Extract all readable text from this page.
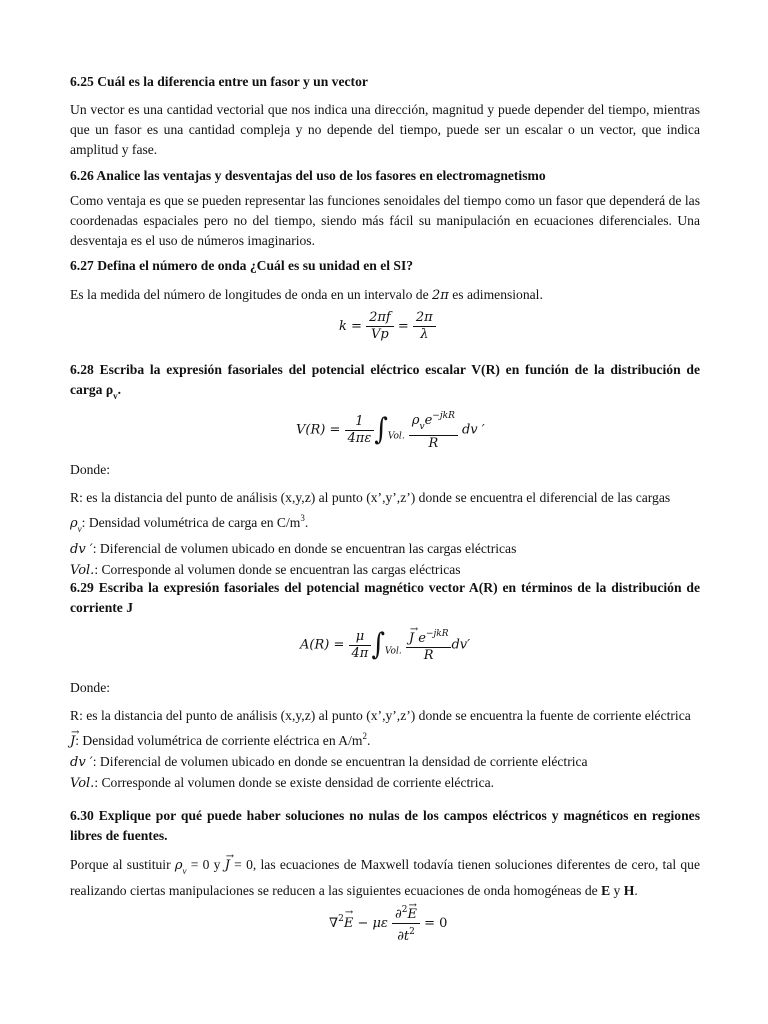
6.25 Cuál es la diferencia entre un fasor y un vector
Un vector es una cantidad vectorial que nos indica una dirección, magnitud y puede depender del tiempo, mientras que un fasor es una cantidad compleja y no depende del tiempo, puede ser un escalar o un vector, que indica amplitud y fase.
6.26 Analice las ventajas y desventajas del uso de los fasores en electromagnetismo
Como ventaja es que se pueden representar las funciones senoidales del tiempo como un fasor que dependerá de las coordenadas espaciales pero no del tiempo, siendo más fácil su manipulación en ecuaciones diferenciales. Una desventaja es el uso de números imaginarios.
6.27 Defina el número de onda ¿Cuál es su unidad en el SI?
Es la medida del número de longitudes de onda en un intervalo de 2π es adimensional.
$k = \frac{2\pi f}{Vp} = \frac{2\pi}{\lambda}$
6.28 Escriba la expresión fasoriales del potencial eléctrico escalar V(R) en función de la distribución de carga $\rho_v$.
$V(R) = \frac{1}{4\pi\varepsilon} \int_{Vol.} \frac{\rho_ve^{-jkR}}{R}$ dv ′
Donde:
R: es la distancia del punto de análisis (x,y,z) al punto (x’,y’,z’) donde se encuentra el diferencial de las cargas
$\rho_v$: Densidad volumétrica de carga en $C/m^3$.
dv ′: Diferencial de volumen ubicado en donde se encuentran las cargas eléctricas
Vol.: Corresponde al volumen donde se encuentran las cargas eléctricas
6.29 Escriba la expresión fasoriales del potencial magnético vector A(R) en términos de la distribución de corriente J
$A(R) = \frac{\mu}{4\pi} \int_{Vol.} \frac{J \to e^{-jkR}}{R} dv'$
Donde:
R: es la distancia del punto de análisis (x,y,z) al punto (x’,y’,z’) donde se encuentra la fuente de corriente eléctrica
J →: Densidad volumétrica de corriente eléctrica en $A/m^2$.
dv ′: Diferencial de volumen ubicado en donde se encuentran la densidad de corriente eléctrica
Vol.: Corresponde al volumen donde se existe densidad de corriente eléctrica.
6.30 Explique por qué puede haber soluciones no nulas de los campos eléctricos y magnéticos en regiones libres de fuentes.
Porque al sustituir $\rho_v = 0$ y J → = 0, las ecuaciones de Maxwell todavía tienen soluciones diferentes de cero, tal que realizando ciertas manipulaciones se reducen a las siguientes ecuaciones de onda homogéneas de E y H.
∇$^2$E → − με $\frac{\partial^2E \to}{\partial t^2} = 0$
